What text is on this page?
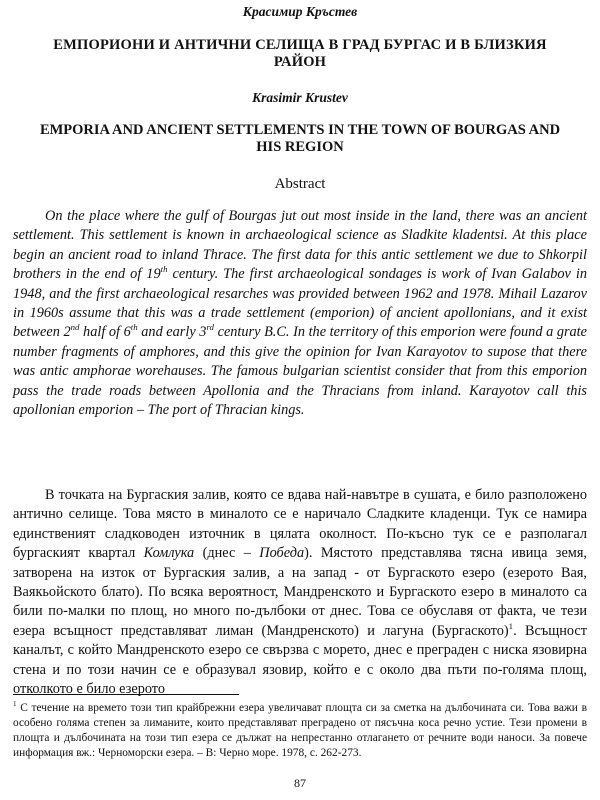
Красимир Кръстев
ЕМПОРИОНИ И АНТИЧНИ СЕЛИЩА В ГРАД БУРГАС И В БЛИЗКИЯ РАЙОН
Krasimir Krustev
EMPORIA AND ANCIENT SETTLEMENTS IN THE TOWN OF BOURGAS AND HIS REGION
Abstract

On the place where the gulf of Bourgas jut out most inside in the land, there was an ancient settlement. This settlement is known in archaeological science as Sladkite kladentsi. At this place begin an ancient road to inland Thrace. The first data for this antic settlement we due to Shkorpil brothers in the end of 19th century. The first archaeological sondages is work of Ivan Galabov in 1948, and the first archaeological resarches was provided between 1962 and 1978. Mihail Lazarov in 1960s assume that this was a trade settlement (emporion) of ancient apollonians, and it exist between 2nd half of 6th and early 3rd century B.C. In the territory of this emporion were found a grate number fragments of amphores, and this give the opinion for Ivan Karayotov to supose that there was antic amphorae worehauses. The famous bulgarian scientist consider that from this emporion pass the trade roads between Apollonia and the Thracians from inland. Karayotov call this apollonian emporion – The port of Thracian kings.

В точката на Бургаския залив, която се вдава най-навътре в сушата, е било разположено антично селище. Това място в миналото се е наричало Сладките кладенци. Тук се намира единственият сладководен източник в цялата околност. По-късно тук се е разполагал бургаският квартал Комлука (днес – Победа). Мястото представлява тясна ивица земя, затворена на изток от Бургаския залив, а на запад - от Бургаското езеро (езерото Вая, Ваякьойското блато). По всяка вероятност, Мандренското и Бургаското езеро в миналото са били по-малки по площ, но много по-дълбоки от днес. Това се обуславя от факта, че тези езера всъщност представляват лиман (Мандренското) и лагуна (Бургаското)$^1$. Всъщност каналът, с който Мандренското езеро се свързва с морето, днес е преграден с ниска язовирна стена и по този начин се е образувал язовир, който е с около два пъти по-голяма площ, отколкото е било езерото

$^1$ С течение на времето този тип крайбрежни езера увеличават площта си за сметка на дълбочината си. Това важи в особено голяма степен за лиманите, които представляват преградено от пясъчна коса речно устие. Тези промени в площта и дълбочината на този тип езера се дължат на непрестанно отлагането от речните води наноси. За повече информация вж.: Черноморски езера. – В: Черно море. 1978, с. 262-273.

87
